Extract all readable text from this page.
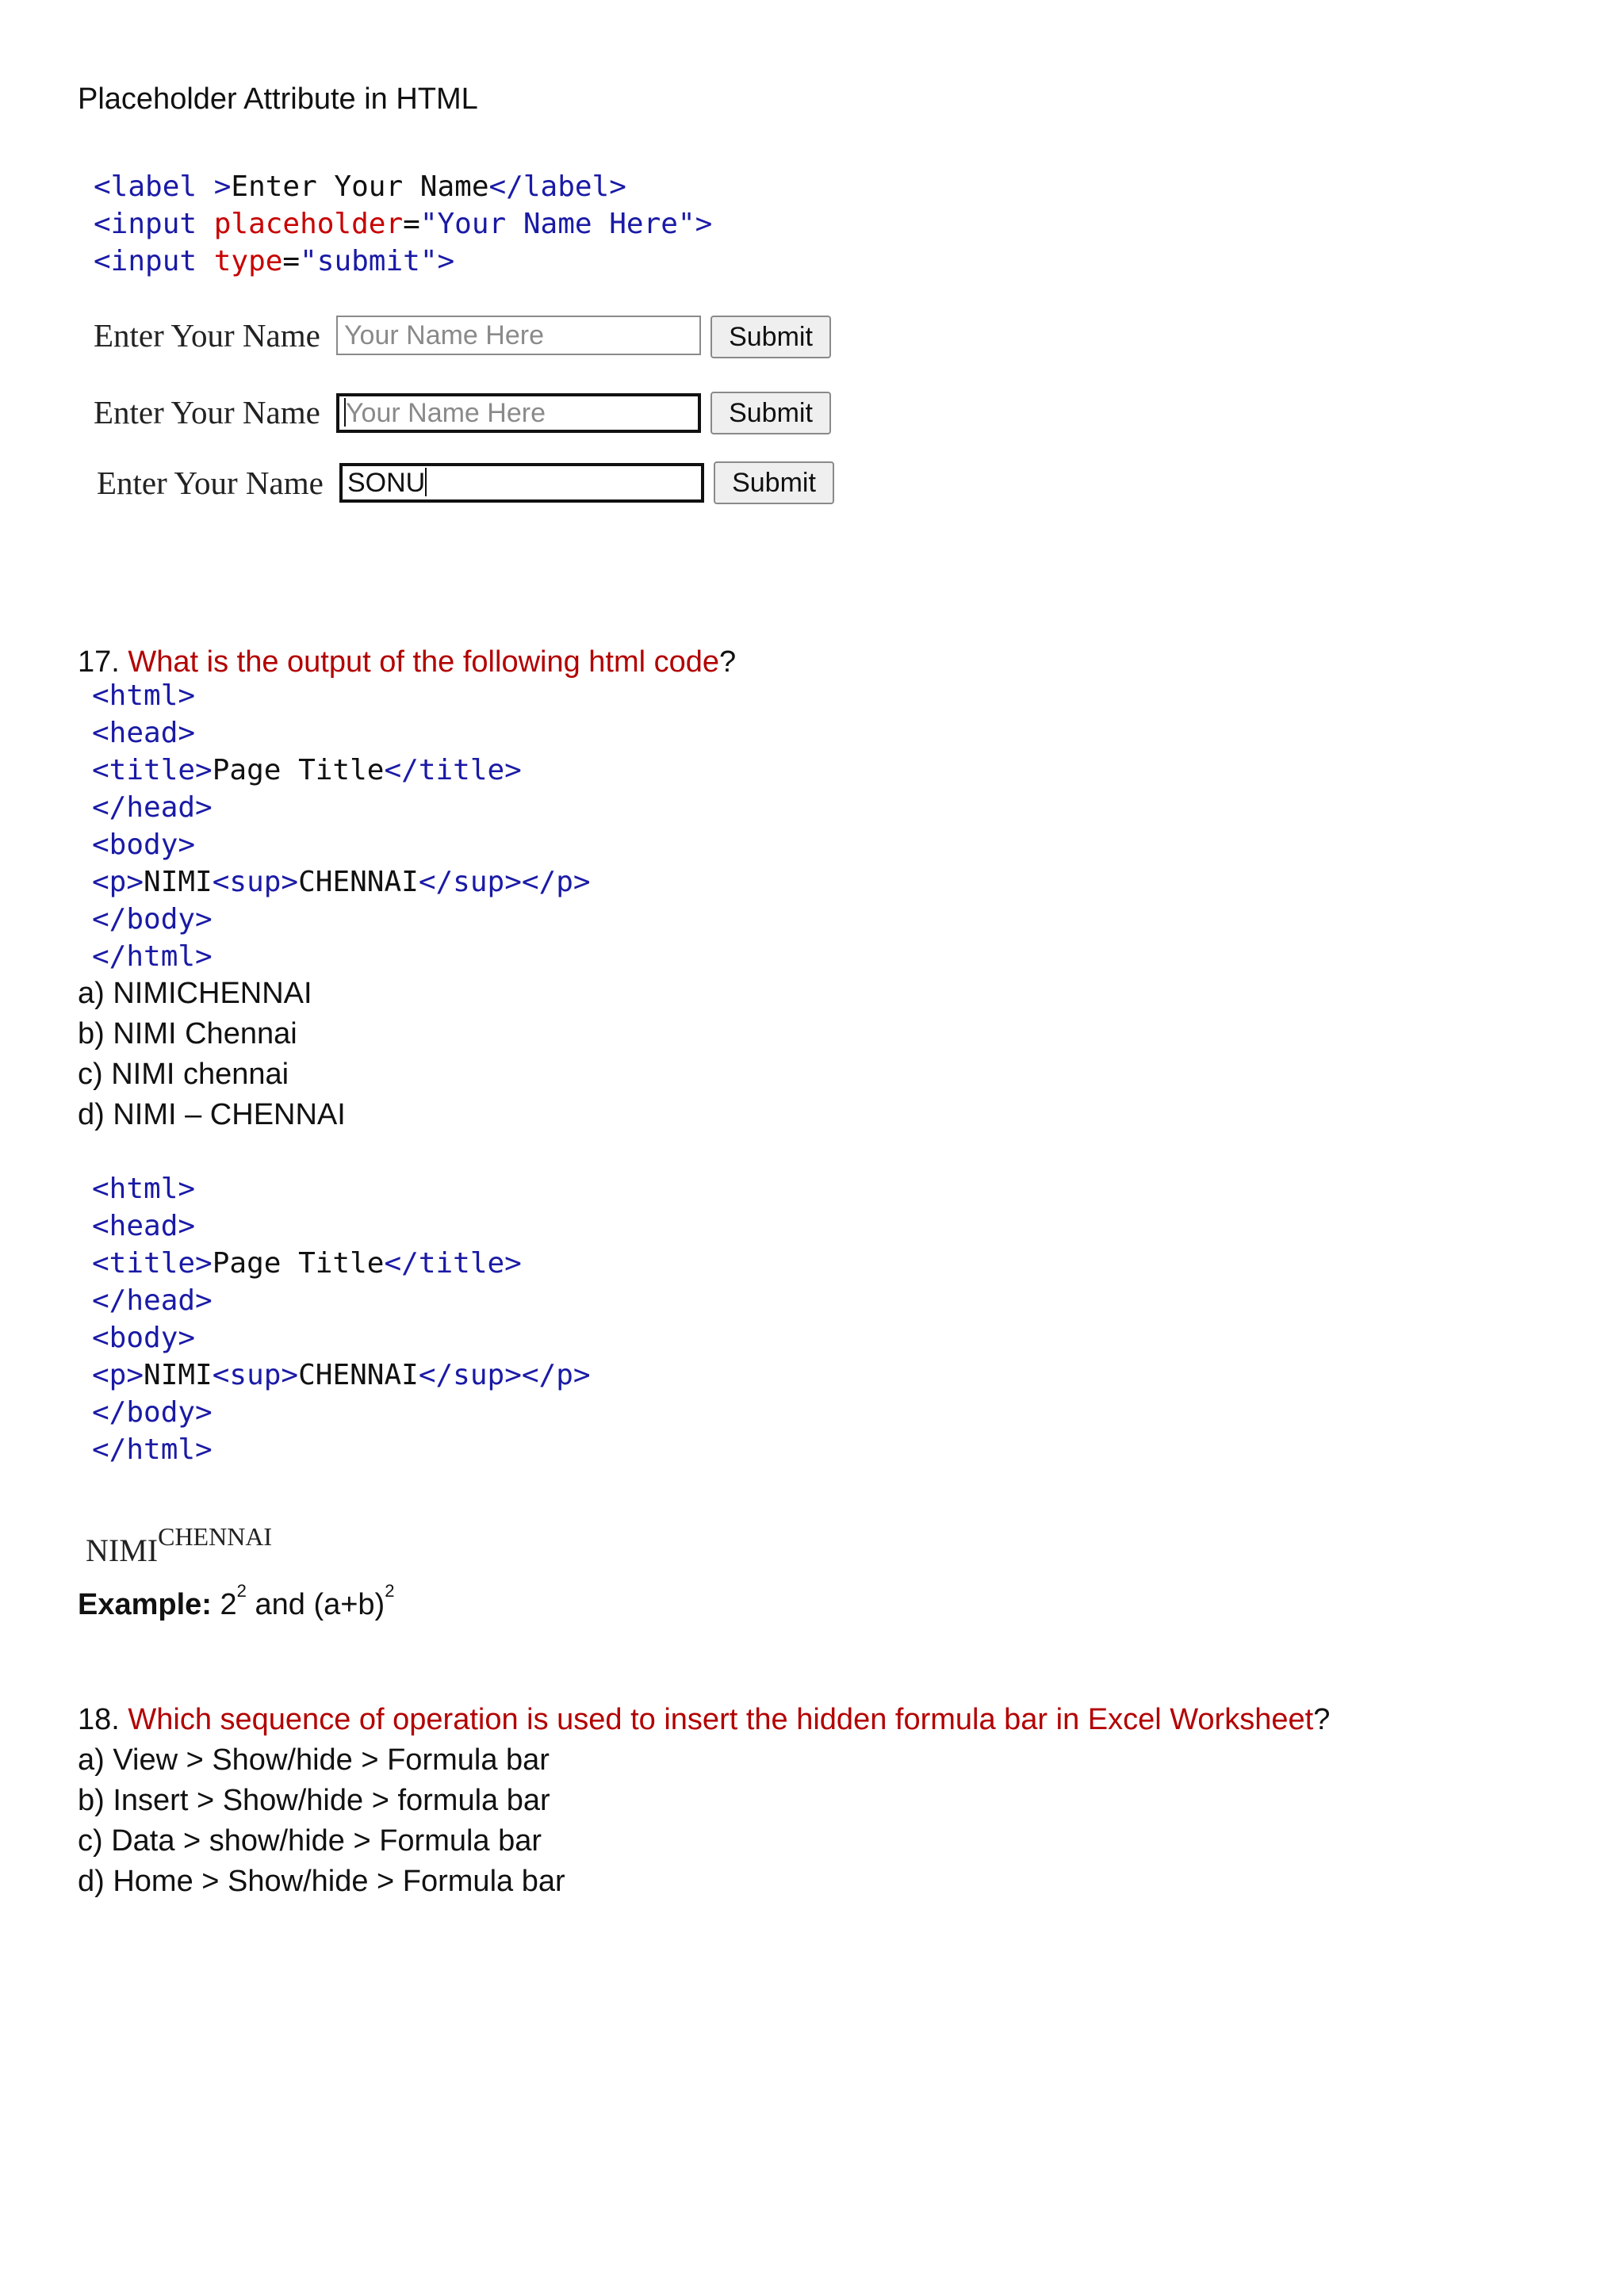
Placeholder Attribute in HTML
<label >Enter Your Name</label>
<input placeholder="Your Name Here">
<input type="submit">
Enter Your Name Your Name Here	Submit
Enter Your Name Your Name Here	Submit
Enter Your Name SONU	Submit
17. What is the output of the following html code?
<html>
<head>
<title>Page Title</title>
</head>
<body>
<p>NIMI<sup>CHENNAI</sup></p>
</body>
</html>
a) NIMICHENNAI
b) NIMI Chennai
c) NIMI chennai
d) NIMI – CHENNAI
<html>
<head>
<title>Page Title</title>
</head>
<body>
<p>NIMI<sup>CHENNAI</sup></p>
</body>
</html>
$NIMI^{CHENNAI}$
Example: $2^2$ and $(a+b)^2$
18. Which sequence of operation is used to insert the hidden formula bar in Excel Worksheet?
a) View > Show/hide > Formula bar
b) Insert > Show/hide > formula bar
c) Data > show/hide > Formula bar
d) Home > Show/hide > Formula bar
